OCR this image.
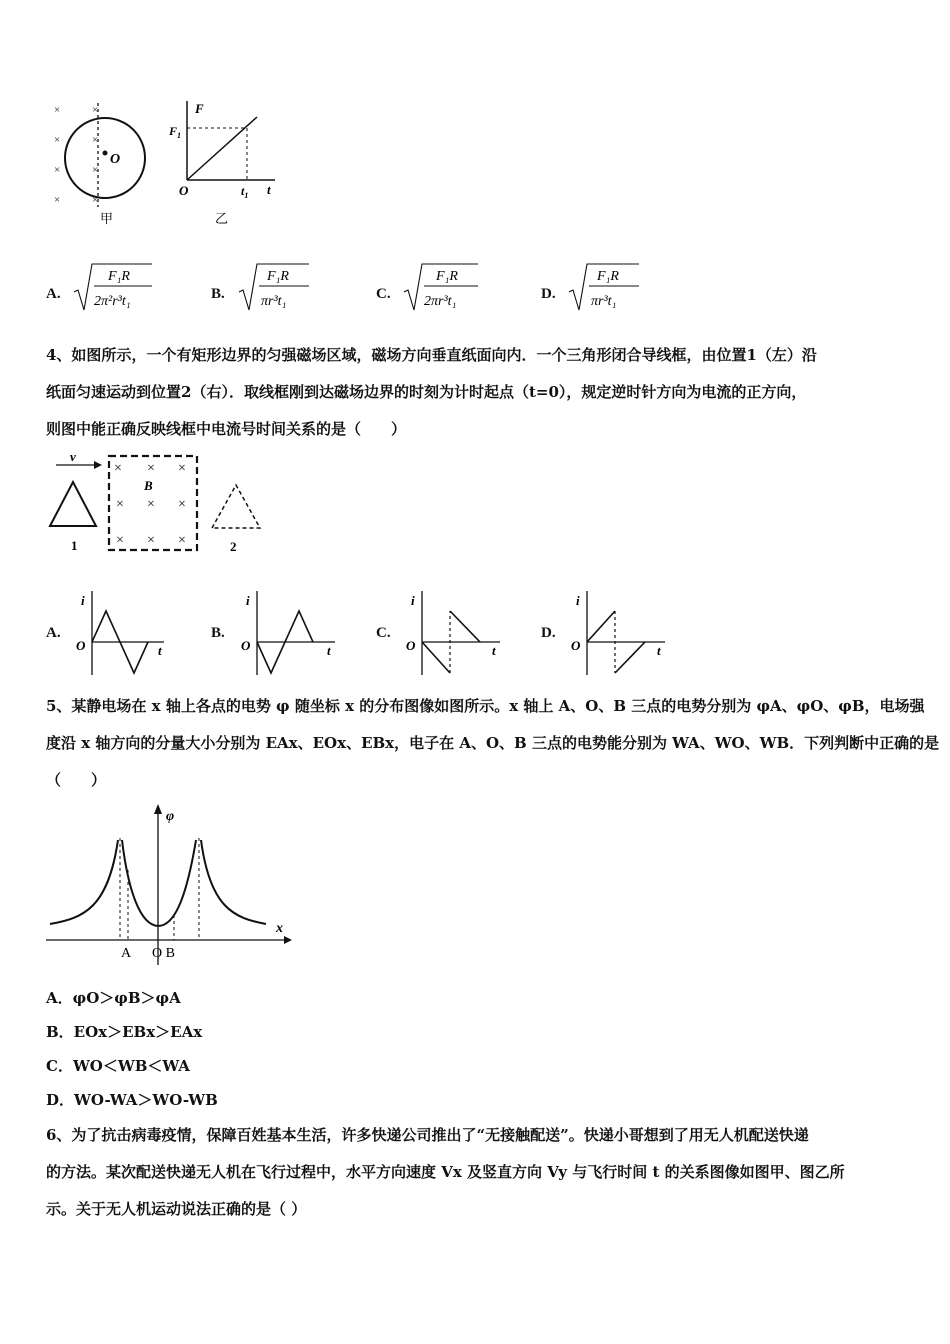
×	×
×	×
×	×
×	×
O
甲
F
$F_1$
O	$t_1$ t
乙
A.
F₁R
2π²r³t₁	B.
F₁R
πr³t₁	C.
F₁R
2πr³t₁	D.
F₁R
πr³t₁
4、如图所示，一个有矩形边界的匀强磁场区域，磁场方向垂直纸面向内．一个三角形闭合导线框，由位置1（左）沿
纸面匀速运动到位置2（右）．取线框刚到达磁场边界的时刻为计时起点（t=0），规定逆时针方向为电流的正方向，
则图中能正确反映线框中电流号时间关系的是（　　）
v
1
× × ×
× × ×
× × ×
B
2
A.
i
O	t
B.
i
O	t
C.
i
O	t
D.
i
O	t
5、某静电场在 x 轴上各点的电势 φ 随坐标 x 的分布图像如图所示。x 轴上 A、O、B 三点的电势分别为 φA、φO、φB，电场强
度沿 x 轴方向的分量大小分别为 EAx、EOx、EBx，电子在 A、O、B 三点的电势能分别为 WA、WO、WB．下列判断中正确的是
（　　）
φ
x
A O B
A．φO＞φB＞φA
B．EOx＞EBx＞EAx
C．WO＜WB＜WA
D．WO-WA＞WO-WB
6、为了抗击病毒疫情，保障百姓基本生活，许多快递公司推出了“无接触配送”。快递小哥想到了用无人机配送快递
的方法。某次配送快递无人机在飞行过程中，水平方向速度 Vx 及竖直方向 Vy 与飞行时间 t 的关系图像如图甲、图乙所
示。关于无人机运动说法正确的是（ ）
